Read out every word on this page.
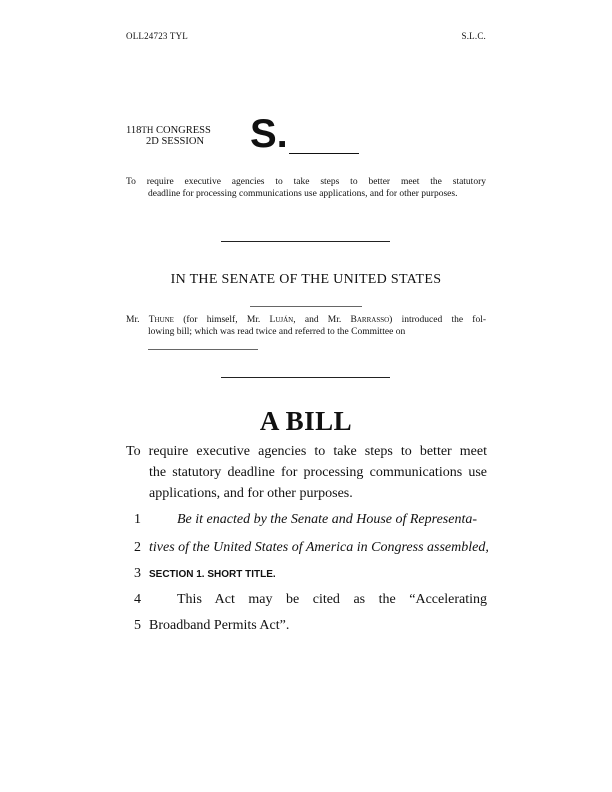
OLL24723 TYL	S.L.C.
118TH CONGRESS
2D SESSION S.
To require executive agencies to take steps to better meet the statutory
deadline for processing communications use applications, and for other purposes.
IN THE SENATE OF THE UNITED STATES
Mr. Thune (for himself, Mr. Luján, and Mr. Barrasso) introduced the fol-
lowing bill; which was read twice and referred to the Committee on
A BILL
To require executive agencies to take steps to better meet
the statutory deadline for processing communications use applications, and for other purposes.
1	Be it enacted by the Senate and House of Representa-
2 tives of the United States of America in Congress assembled,
3 SECTION 1. SHORT TITLE.
4	This Act may be cited as the “Accelerating
5 Broadband Permits Act”.
